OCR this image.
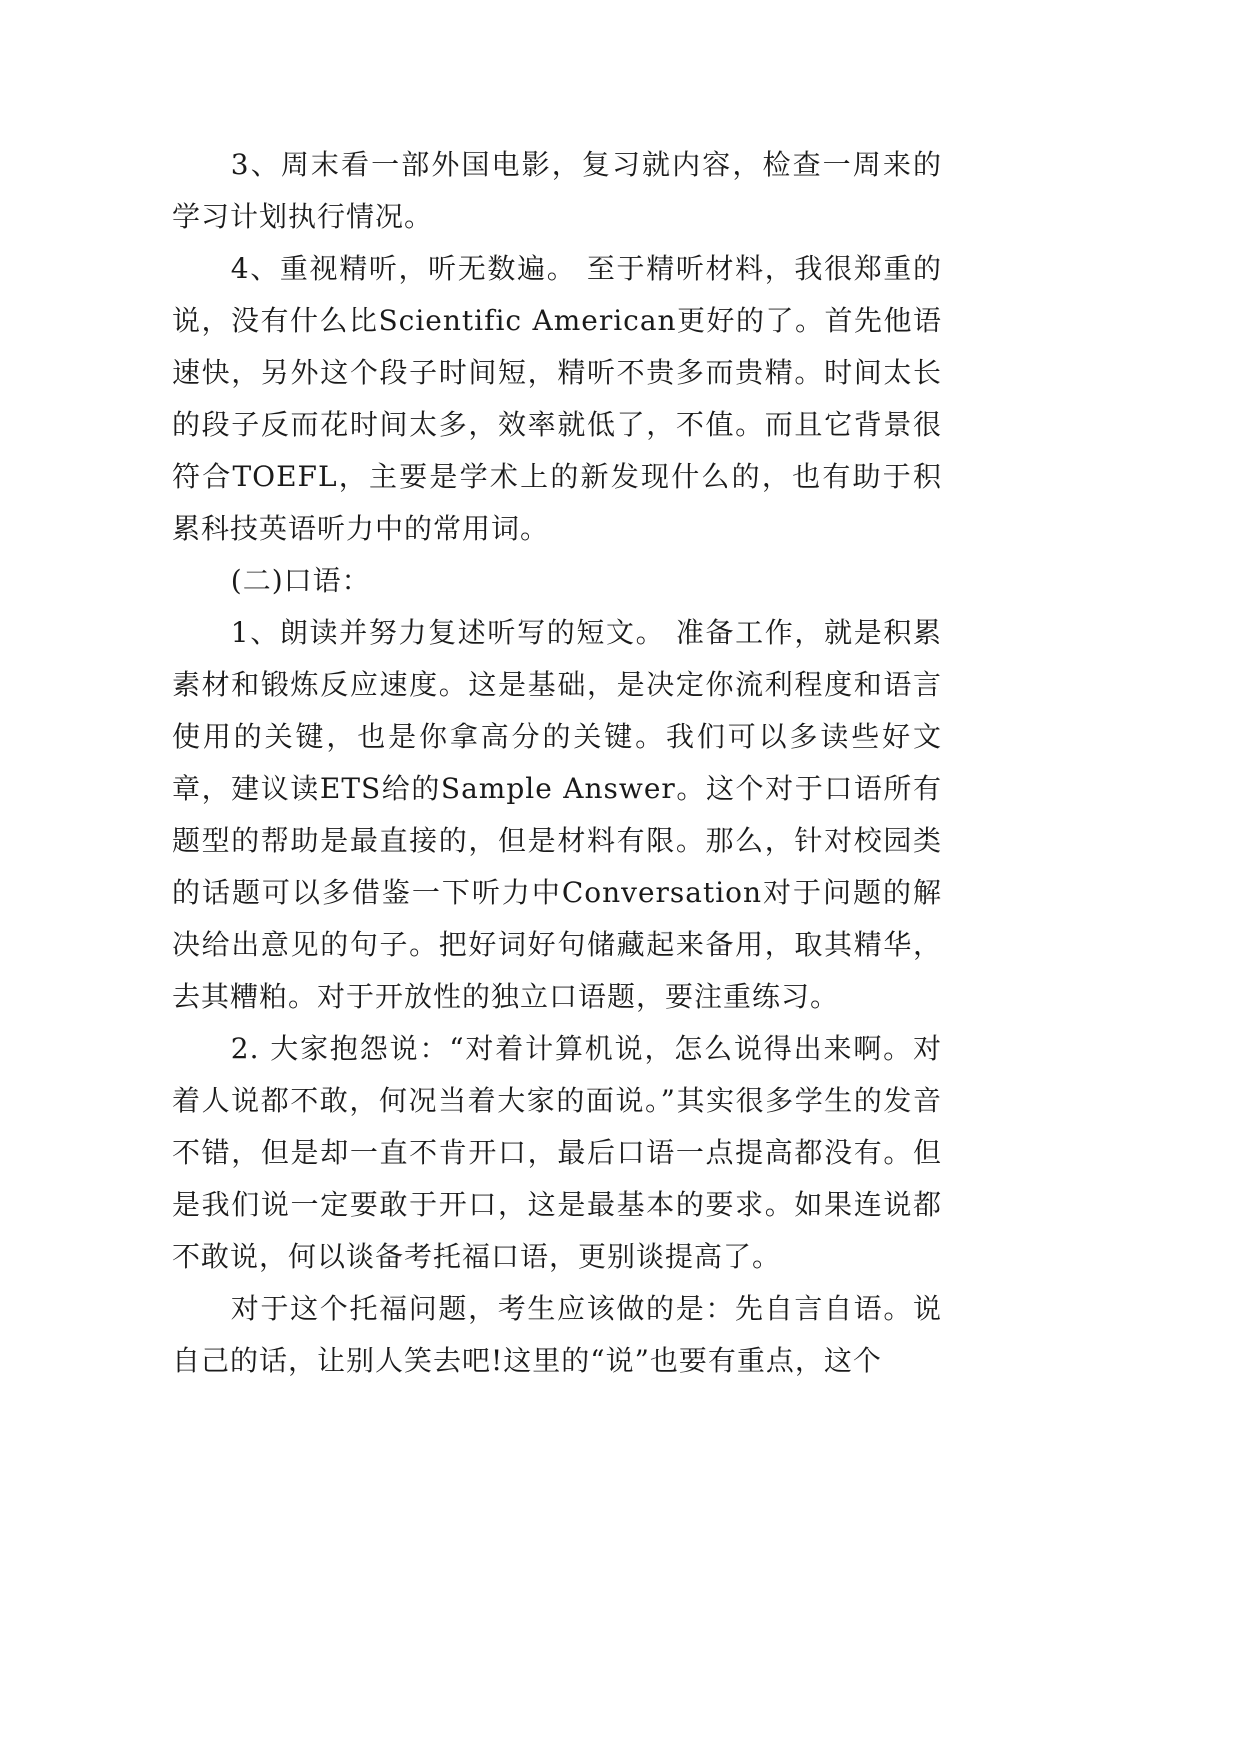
3、周末看一部外国电影，复习就内容，检查一周来的学习计划执行情况。

4、重视精听，听无数遍。 至于精听材料，我很郑重的说，没有什么比Scientific American更好的了。首先他语速快，另外这个段子时间短，精听不贵多而贵精。时间太长的段子反而花时间太多，效率就低了，不值。而且它背景很符合TOEFL，主要是学术上的新发现什么的，也有助于积累科技英语听力中的常用词。

(二)口语：

1、朗读并努力复述听写的短文。 准备工作，就是积累素材和锻炼反应速度。这是基础，是决定你流利程度和语言使用的关键，也是你拿高分的关键。我们可以多读些好文章，建议读ETS给的Sample Answer。这个对于口语所有题型的帮助是最直接的，但是材料有限。那么，针对校园类的话题可以多借鉴一下听力中Conversation对于问题的解决给出意见的句子。把好词好句储藏起来备用，取其精华，去其糟粕。对于开放性的独立口语题，要注重练习。

2. 大家抱怨说：“对着计算机说，怎么说得出来啊。对着人说都不敢，何况当着大家的面说。”其实很多学生的发音不错，但是却一直不肯开口，最后口语一点提高都没有。但是我们说一定要敢于开口，这是最基本的要求。如果连说都不敢说，何以谈备考托福口语，更别谈提高了。

对于这个托福问题，考生应该做的是：先自言自语。说自己的话，让别人笑去吧!这里的“说”也要有重点，这个
